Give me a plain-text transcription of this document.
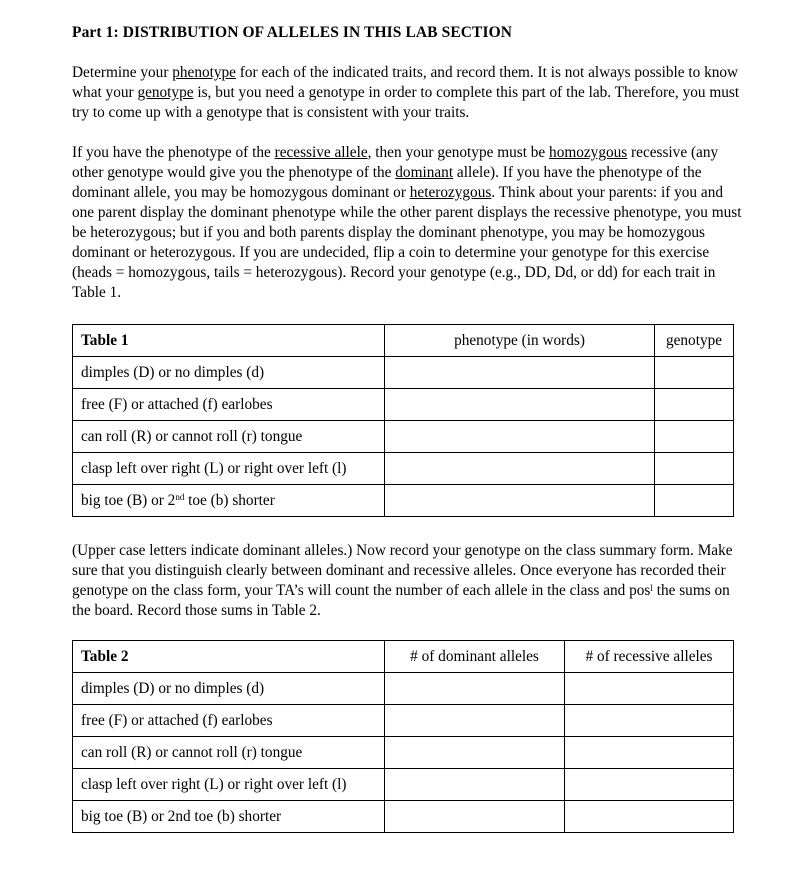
Part 1: DISTRIBUTION OF ALLELES IN THIS LAB SECTION

Determine your phenotype for each of the indicated traits, and record them. It is not always possible to know what your genotype is, but you need a genotype in order to complete this part of the lab. Therefore, you must try to come up with a genotype that is consistent with your traits.

If you have the phenotype of the recessive allele, then your genotype must be homozygous recessive (any other genotype would give you the phenotype of the dominant allele). If you have the phenotype of the dominant allele, you may be homozygous dominant or heterozygous. Think about your parents: if you and one parent display the dominant phenotype while the other parent displays the recessive phenotype, you must be heterozygous; but if you and both parents display the dominant phenotype, you may be homozygous dominant or heterozygous. If you are undecided, flip a coin to determine your genotype for this exercise (heads = homozygous, tails = heterozygous). Record your genotype (e.g., DD, Dd, or dd) for each trait in Table 1.

Table 1	phenotype (in words)	genotype
dimples (D) or no dimples (d)		
free (F) or attached (f) earlobes		
can roll (R) or cannot roll (r) tongue		
clasp left over right (L) or right over left (l)		
big toe (B) or 2nd toe (b) shorter		

(Upper case letters indicate dominant alleles.) Now record your genotype on the class summary form. Make sure that you distinguish clearly between dominant and recessive alleles. Once everyone has recorded their genotype on the class form, your TA’s will count the number of each allele in the class and posˡ the sums on the board. Record those sums in Table 2.

Table 2	# of dominant alleles	# of recessive alleles
dimples (D) or no dimples (d)		
free (F) or attached (f) earlobes		
can roll (R) or cannot roll (r) tongue		
clasp left over right (L) or right over left (l)		
big toe (B) or 2nd toe (b) shorter		
